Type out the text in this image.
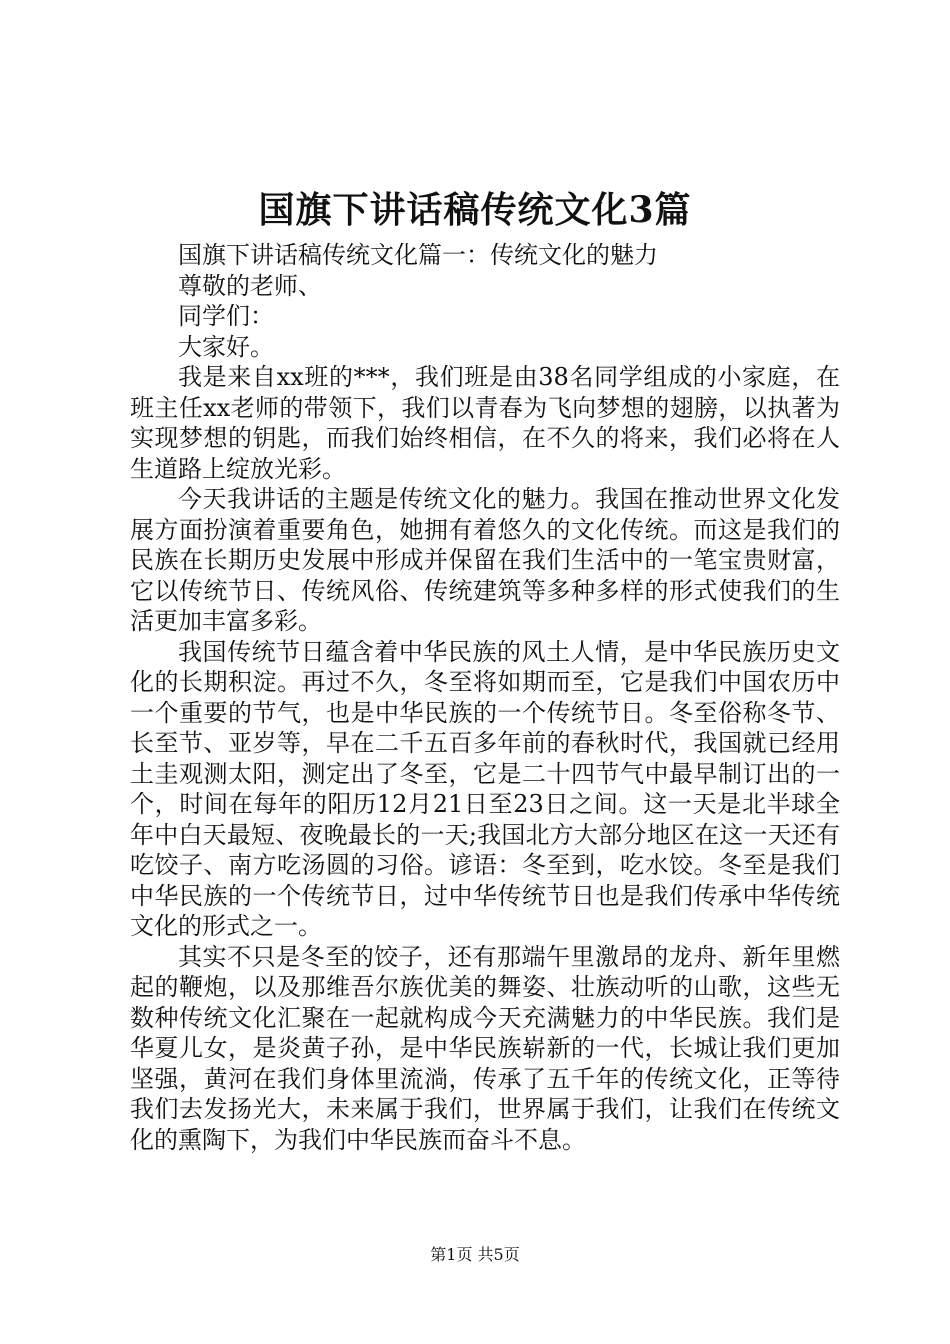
国旗下讲话稿传统文化3篇

国旗下讲话稿传统文化篇一：传统文化的魅力

尊敬的老师、

同学们：

大家好。

我是来自xx班的***，我们班是由38名同学组成的小家庭，在班主任xx老师的带领下，我们以青春为飞向梦想的翅膀，以执著为实现梦想的钥匙，而我们始终相信，在不久的将来，我们必将在人生道路上绽放光彩。

今天我讲话的主题是传统文化的魅力。我国在推动世界文化发展方面扮演着重要角色，她拥有着悠久的文化传统。而这是我们的民族在长期历史发展中形成并保留在我们生活中的一笔宝贵财富，它以传统节日、传统风俗、传统建筑等多种多样的形式使我们的生活更加丰富多彩。

我国传统节日蕴含着中华民族的风土人情，是中华民族历史文化的长期积淀。再过不久，冬至将如期而至，它是我们中国农历中一个重要的节气，也是中华民族的一个传统节日。冬至俗称冬节、长至节、亚岁等，早在二千五百多年前的春秋时代，我国就已经用土圭观测太阳，测定出了冬至，它是二十四节气中最早制订出的一个，时间在每年的阳历12月21日至23日之间。这一天是北半球全年中白天最短、夜晚最长的一天;我国北方大部分地区在这一天还有吃饺子、南方吃汤圆的习俗。谚语：冬至到，吃水饺。冬至是我们中华民族的一个传统节日，过中华传统节日也是我们传承中华传统文化的形式之一。

其实不只是冬至的饺子，还有那端午里激昂的龙舟、新年里燃起的鞭炮，以及那维吾尔族优美的舞姿、壮族动听的山歌，这些无数种传统文化汇聚在一起就构成今天充满魅力的中华民族。我们是华夏儿女，是炎黄子孙，是中华民族崭新的一代，长城让我们更加坚强，黄河在我们身体里流淌，传承了五千年的传统文化，正等待我们去发扬光大，未来属于我们，世界属于我们，让我们在传统文化的熏陶下，为我们中华民族而奋斗不息。

第1页 共5页
